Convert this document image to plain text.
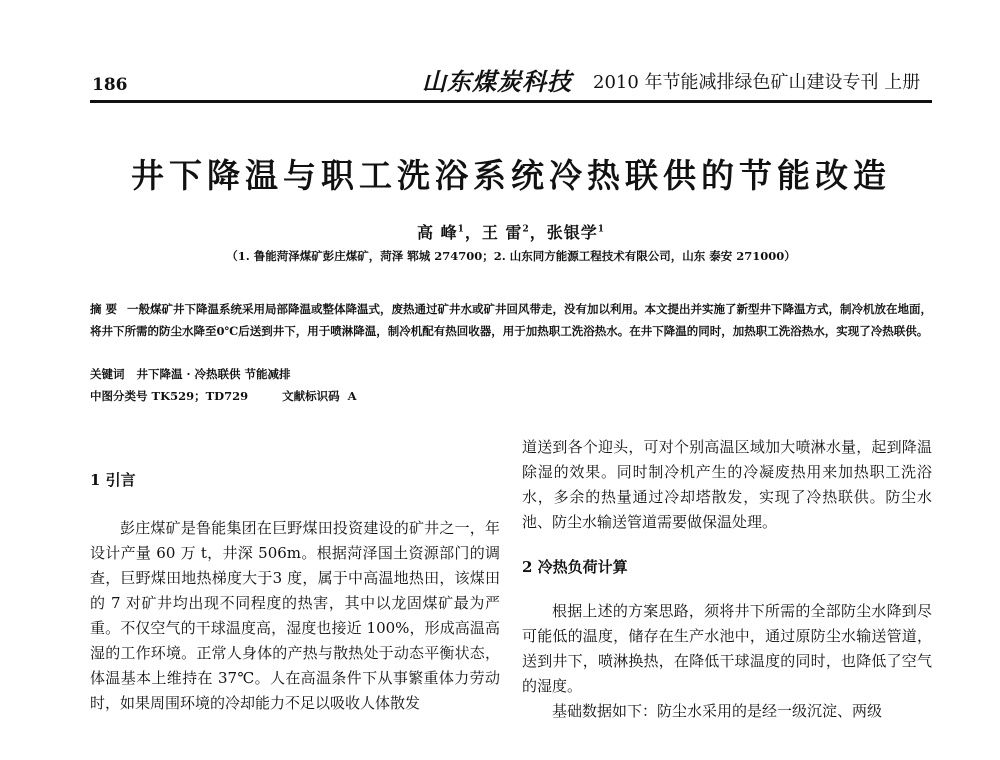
186	山东煤炭科技 2010 年节能减排绿色矿山建设专刊 上册
井下降温与职工洗浴系统冷热联供的节能改造
高 峰$^1$，王 雷$^2$，张银学$^1$
（1. 鲁能菏泽煤矿彭庄煤矿，菏泽 郓城 274700；2. 山东同方能源工程技术有限公司，山东 泰安 271000）

摘 要 一般煤矿井下降温系统采用局部降温或整体降温式，废热通过矿井水或矿井回风带走，没有加以利用。本文提出并实施了新型井下降温方式，制冷机放在地面，将井下所需的防尘水降至0℃后送到井下，用于喷淋降温，制冷机配有热回收器，用于加热职工洗浴热水。在井下降温的同时，加热职工洗浴热水，实现了冷热联供。

关键词 井下降温 · 冷热联供 节能减排

中图分类号 TK529；TD729	文献标识码 A

1 引言

彭庄煤矿是鲁能集团在巨野煤田投资建设的矿井之一，年设计产量 60 万 t，井深 506m。根据菏泽国土资源部门的调查，巨野煤田地热梯度大于3 度，属于中高温地热田，该煤田的 7 对矿井均出现不同程度的热害，其中以龙固煤矿最为严重。不仅空气的干球温度高，湿度也接近 100%，形成高温高湿的工作环境。正常人身体的产热与散热处于动态平衡状态，体温基本上维持在 37℃。人在高温条件下从事繁重体力劳动时，如果周围环境的冷却能力不足以吸收人体散发

道送到各个迎头，可对个别高温区域加大喷淋水量，起到降温除湿的效果。同时制冷机产生的冷凝废热用来加热职工洗浴水，多余的热量通过冷却塔散发，实现了冷热联供。防尘水池、防尘水输送管道需要做保温处理。

2 冷热负荷计算

根据上述的方案思路，须将井下所需的全部防尘水降到尽可能低的温度，储存在生产水池中，通过原防尘水输送管道，送到井下，喷淋换热，在降低干球温度的同时，也降低了空气的湿度。

基础数据如下：防尘水采用的是经一级沉淀、两级
